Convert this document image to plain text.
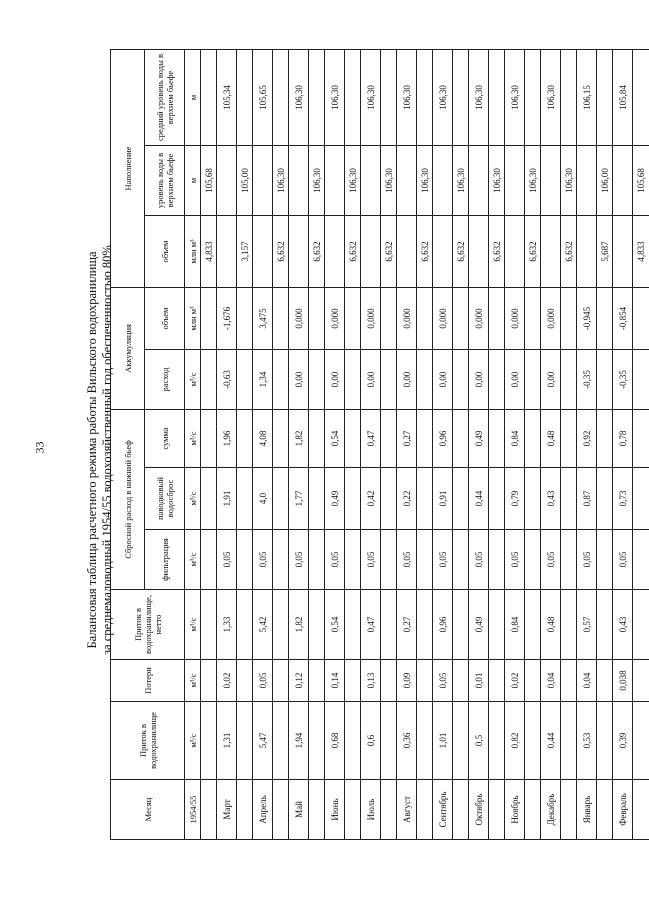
33	Балансовая таблица расчетного режима работы Вильского водохранилища за среднемаловодный 1954/55 водохозяйственный год обеспеченностью 80%
Месяц	Приток в водохранилище	Потери	Приток в водохранилище, нетто	Сбросной расход в нижний бьеф			Аккумуляция		Наполнение		
				фильтрация	паводковый водосброс	сумма	расход	объем	объем	уровень воды в верхнем бьефе	средний уровень воды в верхнем бьефе
1954/55	м³/с	м³/с	м³/с	м³/с	м³/с	м³/с	м³/с	млн м³	млн м³	м	м
									4,833	105,68	
Март	1,31	0,02	1,33	0,05	1,91	1,96	-0,63	-1,676			105,34
									3,157	105,00	
Апрель	5,47	0,05	5,42	0,05	4,0	4,08	1,34	3,475			105,65
									6,632	106,30	
Май	1,94	0,12	1,82	0,05	1,77	1,82	0,00	0,000			106,30
									6,632	106,30	
Июнь	0,68	0,14	0,54	0,05	0,49	0,54	0,00	0,000			106,30
									6,632	106,30	
Июль	0,6	0,13	0,47	0,05	0,42	0,47	0,00	0,000			106,30
									6,632	106,30	
Август	0,36	0,09	0,27	0,05	0,22	0,27	0,00	0,000			106,30
									6,632	106,30	
Сентябрь	1,01	0,05	0,96	0,05	0,91	0,96	0,00	0,000			106,30
									6,632	106,30	
Октябрь	0,5	0,01	0,49	0,05	0,44	0,49	0,00	0,000			106,30
									6,632	106,30	
Ноябрь	0,82	0,02	0,84	0,05	0,79	0,84	0,00	0,000			106,30
									6,632	106,30	
Декабрь	0,44	0,04	0,48	0,05	0,43	0,48	0,00	0,000			106,30
									6,632	106,30	
Январь	0,53	0,04	0,57	0,05	0,87	0,92	-0,35	-0,945			106,15
									5,687	106,00	
Февраль	0,39	0,038	0,43	0,05	0,73	0,78	-0,35	-0,854			105,84
									4,833	105,68	
